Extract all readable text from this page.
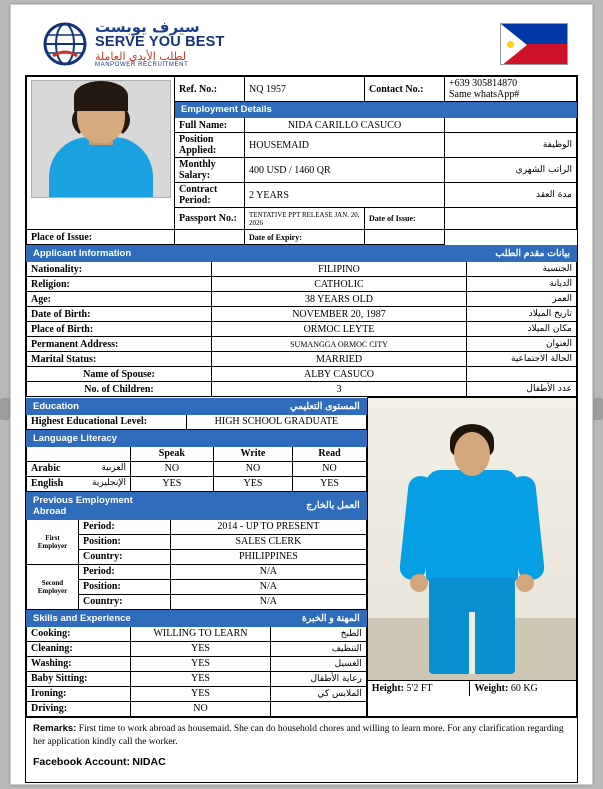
سيرف يوبست
SERVE YOU BEST
لطلب الأيدي العاملة
MANPOWER RECRUITMENT
	Ref. No.:	NQ 1957	Contact No.:	+639 305814870
Same whatsApp#

	Employment Details			
	Full Name:	NIDA CARILLO CASUCO		
	Position Applied:	HOUSEMAID		الوظيفة
	Monthly Salary:	400 USD / 1460 QR		الراتب الشهري
	Contract Period:	2 YEARS		مدة العقد
	Passport No.:	TENTATIVE PPT RELEASE JAN. 20, 2026	Date of Issue:	
Place of Issue:		Date of Expiry:		
Applicant Information		بيانات مقدم الطلب
Nationality:	FILIPINO	الجنسية
Religion:	CATHOLIC	الديانة
Age:	38 YEARS OLD	العمر
Date of Birth:	NOVEMBER 20, 1987	تاريخ الميلاد
Place of Birth:	ORMOC LEYTE	مكان الميلاد
Permanent Address:	SUMANGGA ORMOC CITY	العنوان
Marital Status:	MARRIED	الحالة الاجتماعية
Name of Spouse:	ALBY CASUCO	
No. of Children:	3	عدد الأطفال
Education	المستوى التعليمي
Highest Educational Level:	HIGH SCHOOL GRADUATE
Language Literacy
	Speak	Write	Read
Arabic	العربية	NO	NO	NO
English	الإنجليزية	YES	YES	YES
Previous Employment Abroad	العمل بالخارج
First Employer	Period:	2014 - UP TO PRESENT
Position:	SALES CLERK
Country:	PHILIPPINES
Second Employer	Period:	N/A
Position:	N/A
Country:	N/A
Skills and Experience	المهنة و الخبرة
Cooking:	WILLING TO LEARN	الطبخ
Cleaning:	YES	التنظيف
Washing:	YES	الغسيل
Baby Sitting:	YES	رعاية الأطفال
Ironing:	YES	الملابس كي
Driving:	NO	

Height: 5'2 FT	Weight: 60 KG

Remarks: First time to work abroad as housemaid. She can do household chores and willing to learn more. For any clarification regarding her application kindly call the worker.

Facebook Account: NIDAC
